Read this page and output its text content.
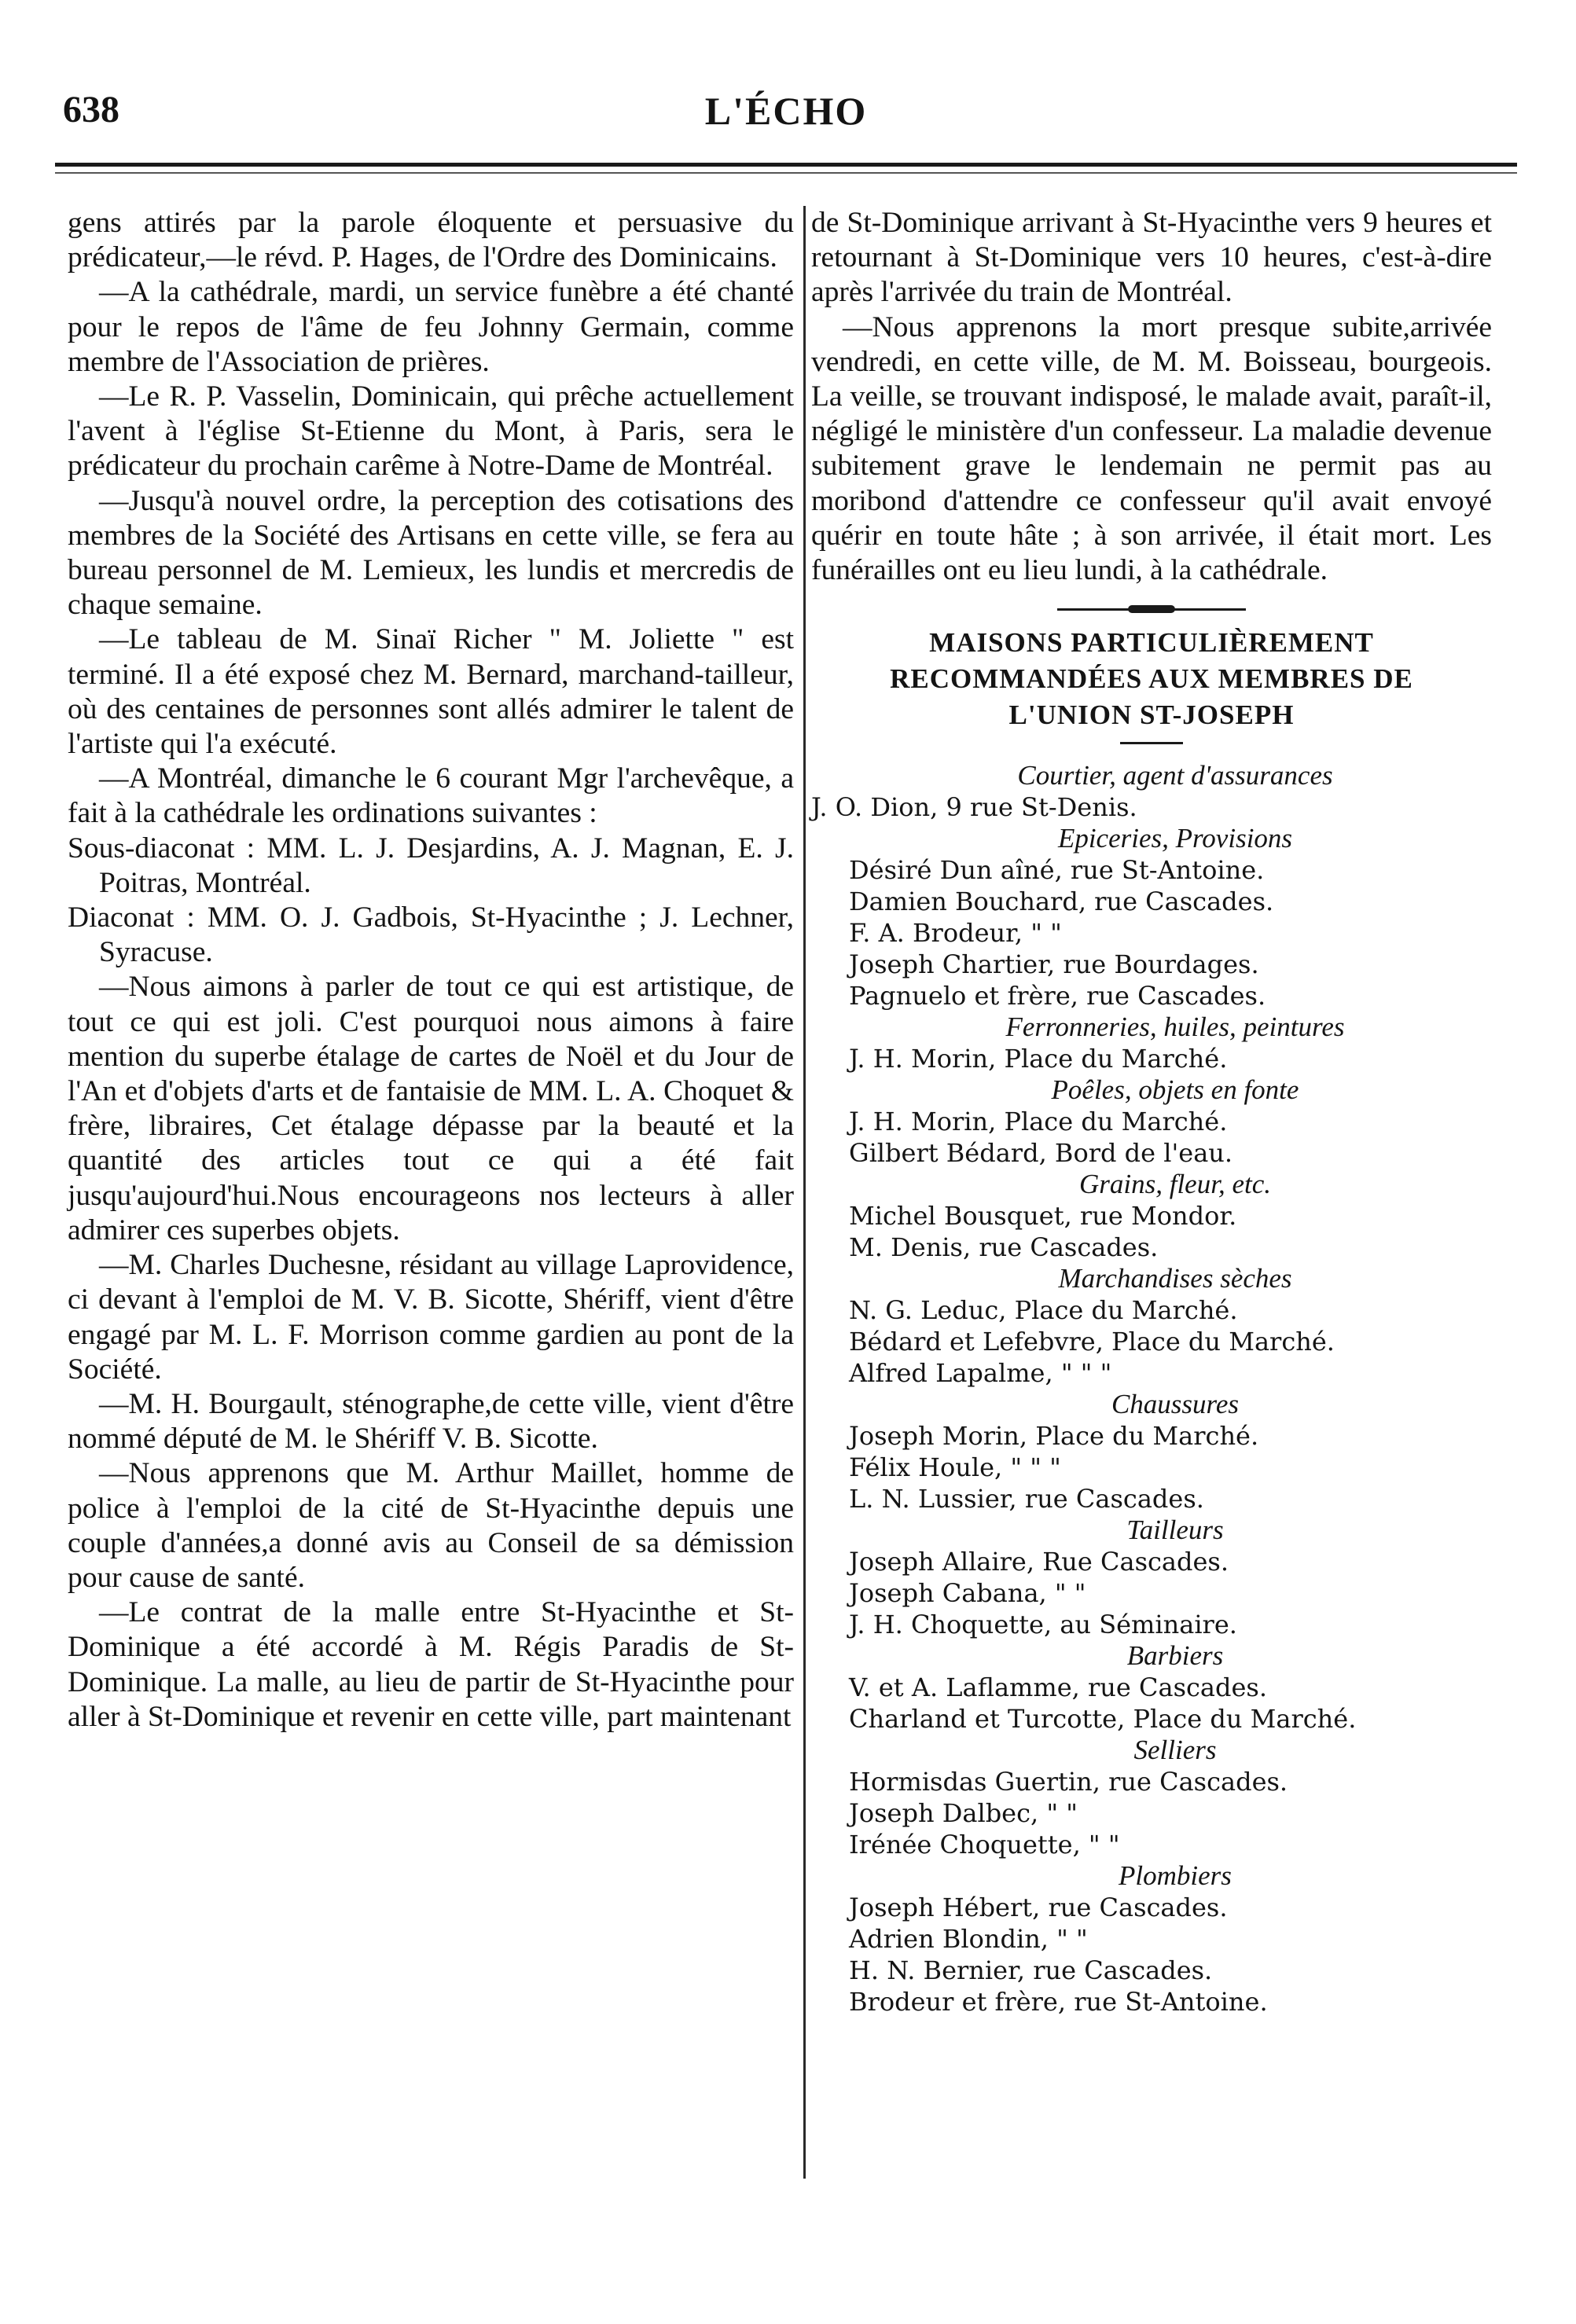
638	L'ÉCHO

gens attirés par la parole éloquente et persuasive du prédicateur,—le révd. P. Hages, de l'Ordre des Dominicains.

—A la cathédrale, mardi, un service funèbre a été chanté pour le repos de l'âme de feu Johnny Germain, comme membre de l'Association de prières.

—Le R. P. Vasselin, Dominicain, qui prêche actuellement l'avent à l'église St-Etienne du Mont, à Paris, sera le prédicateur du prochain carême à Notre-Dame de Montréal.

—Jusqu'à nouvel ordre, la perception des cotisations des membres de la Société des Artisans en cette ville, se fera au bureau personnel de M. Lemieux, les lundis et mercredis de chaque semaine.

—Le tableau de M. Sinaï Richer " M. Joliette " est terminé. Il a été exposé chez M. Bernard, marchand-tailleur, où des centaines de personnes sont allés admirer le talent de l'artiste qui l'a exécuté.

—A Montréal, dimanche le 6 courant Mgr l'archevêque, a fait à la cathédrale les ordinations suivantes :

Sous-diaconat : MM. L. J. Desjardins, A. J. Magnan, E. J. Poitras, Montréal.

Diaconat : MM. O. J. Gadbois, St-Hyacinthe ; J. Lechner, Syracuse.

—Nous aimons à parler de tout ce qui est artistique, de tout ce qui est joli. C'est pourquoi nous aimons à faire mention du superbe étalage de cartes de Noël et du Jour de l'An et d'objets d'arts et de fantaisie de MM. L. A. Choquet & frère, libraires, Cet étalage dépasse par la beauté et la quantité des articles tout ce qui a été fait jusqu'aujourd'hui.Nous encourageons nos lecteurs à aller admirer ces superbes objets.

—M. Charles Duchesne, résidant au village Laprovidence, ci devant à l'emploi de M. V. B. Sicotte, Shériff, vient d'être engagé par M. L. F. Morrison comme gardien au pont de la Société.

—M. H. Bourgault, sténographe,de cette ville, vient d'être nommé député de M. le Shériff V. B. Sicotte.

—Nous apprenons que M. Arthur Maillet, homme de police à l'emploi de la cité de St-Hyacinthe depuis une couple d'années,a donné avis au Conseil de sa démission pour cause de santé.

—Le contrat de la malle entre St-Hyacinthe et St-Dominique a été accordé à M. Régis Paradis de St-Dominique. La malle, au lieu de partir de St-Hyacinthe pour aller à St-Dominique et revenir en cette ville, part maintenant

de St-Dominique arrivant à St-Hyacinthe vers 9 heures et retournant à St-Dominique vers 10 heures, c'est-à-dire après l'arrivée du train de Montréal.

—Nous apprenons la mort presque subite,arrivée vendredi, en cette ville, de M. M. Boisseau, bourgeois. La veille, se trouvant indisposé, le malade avait, paraît-il, négligé le ministère d'un confesseur. La maladie devenue subitement grave le lendemain ne permit pas au moribond d'attendre ce confesseur qu'il avait envoyé quérir en toute hâte ; à son arrivée, il était mort. Les funérailles ont eu lieu lundi, à la cathédrale.

MAISONS PARTICULIÈREMENT
RECOMMANDÉES AUX MEMBRES DE
L'UNION ST-JOSEPH
Courtier, agent d'assurances
J. O. Dion, 9 rue St-Denis.
Epiceries, Provisions
Désiré Dun aîné, rue St-Antoine.
Damien Bouchard, rue Cascades.
F. A. Brodeur, " "
Joseph Chartier, rue Bourdages.
Pagnuelo et frère, rue Cascades.
Ferronneries, huiles, peintures
J. H. Morin, Place du Marché.
Poêles, objets en fonte
J. H. Morin, Place du Marché.
Gilbert Bédard, Bord de l'eau.
Grains, fleur, etc.
Michel Bousquet, rue Mondor.
M. Denis, rue Cascades.
Marchandises sèches
N. G. Leduc, Place du Marché.
Bédard et Lefebvre, Place du Marché.
Alfred Lapalme, " " "
Chaussures
Joseph Morin, Place du Marché.
Félix Houle, " " "
L. N. Lussier, rue Cascades.
Tailleurs
Joseph Allaire, Rue Cascades.
Joseph Cabana, " "
J. H. Choquette, au Séminaire.
Barbiers
V. et A. Laflamme, rue Cascades.
Charland et Turcotte, Place du Marché.
Selliers
Hormisdas Guertin, rue Cascades.
Joseph Dalbec, " "
Irénée Choquette, " "
Plombiers
Joseph Hébert, rue Cascades.
Adrien Blondin, " "
H. N. Bernier, rue Cascades.
Brodeur et frère, rue St-Antoine.
